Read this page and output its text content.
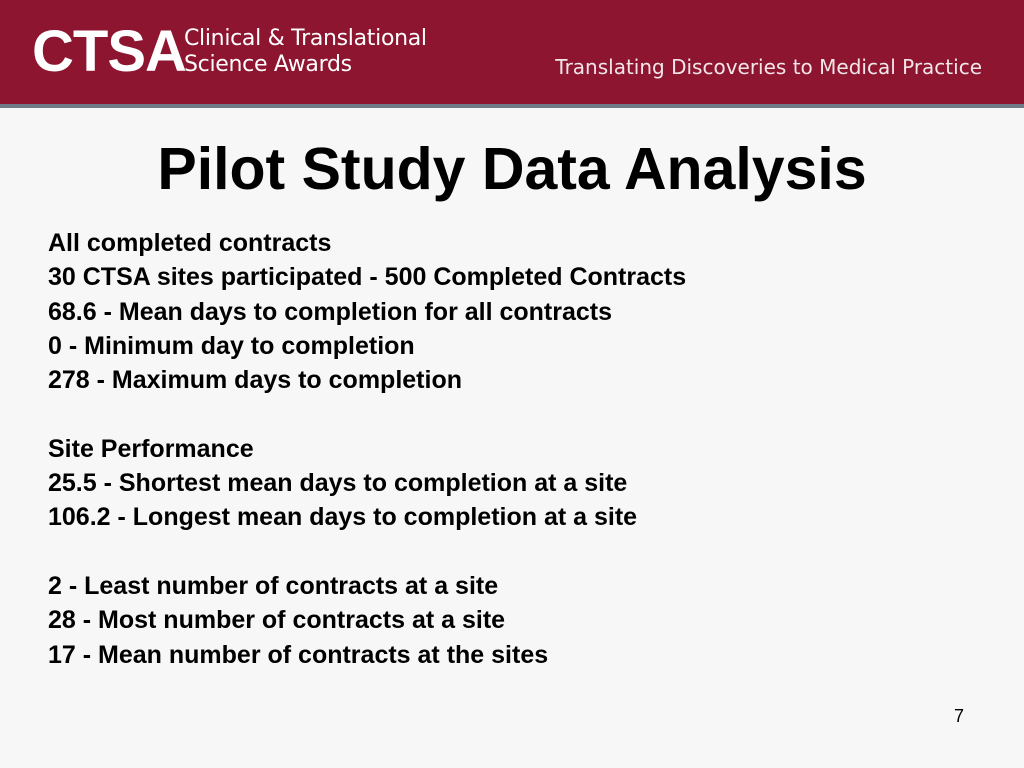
CTSA
Clinical & Translational
Science Awards	Translating Discoveries to Medical Practice
Pilot Study Data Analysis
All completed contracts
30 CTSA sites participated - 500 Completed Contracts
68.6 - Mean days to completion for all contracts
0 - Minimum day to completion
278 - Maximum days to completion
Site Performance
25.5 - Shortest mean days to completion at a site
106.2 - Longest mean days to completion at a site
2 - Least number of contracts at a site
28 - Most number of contracts at a site
17 - Mean number of contracts at the sites
7
